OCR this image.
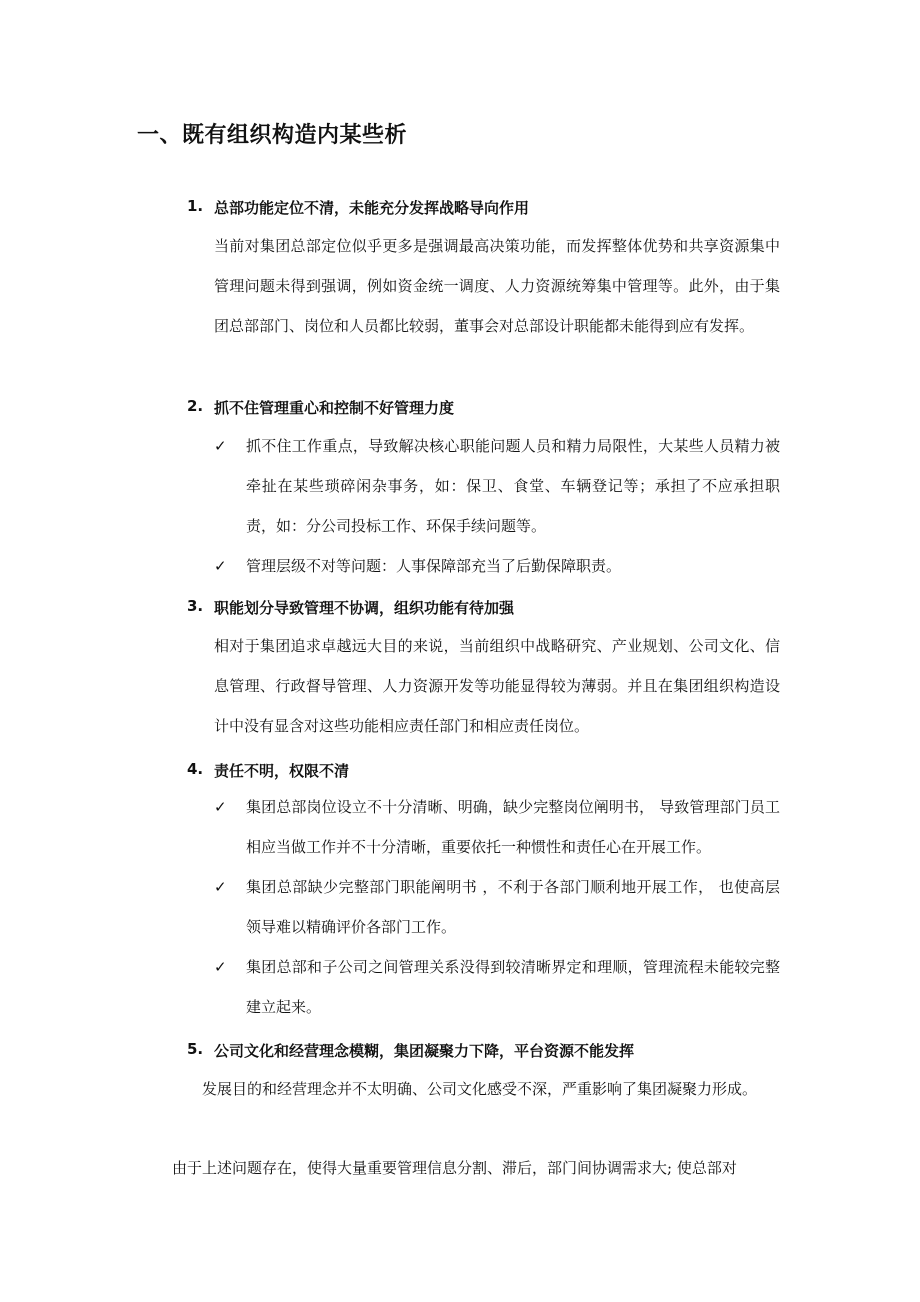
一、既有组织构造内某些析
1. 总部功能定位不清，未能充分发挥战略导向作用

当前对集团总部定位似乎更多是强调最高决策功能，而发挥整体优势和共享资源集中管理问题未得到强调，例如资金统一调度、人力资源统筹集中管理等。此外，由于集团总部部门、岗位和人员都比较弱，董事会对总部设计职能都未能得到应有发挥。

2. 抓不住管理重心和控制不好管理力度
✓ 抓不住工作重点，导致解决核心职能问题人员和精力局限性，大某些人员精力被牵扯在某些琐碎闲杂事务，如：保卫、食堂、车辆登记等；承担了不应承担职责，如：分公司投标工作、环保手续问题等。

✓ 管理层级不对等问题：人事保障部充当了后勤保障职责。

3. 职能划分导致管理不协调，组织功能有待加强

相对于集团追求卓越远大目的来说，当前组织中战略研究、产业规划、公司文化、信息管理、行政督导管理、人力资源开发等功能显得较为薄弱。并且在集团组织构造设计中没有显含对这些功能相应责任部门和相应责任岗位。

4. 责任不明，权限不清
✓ 集团总部岗位设立不十分清晰、明确，缺少完整岗位阐明书， 导致管理部门员工相应当做工作并不十分清晰，重要依托一种惯性和责任心在开展工作。

✓ 集团总部缺少完整部门职能阐明书 ，不利于各部门顺利地开展工作， 也使高层领导难以精确评价各部门工作。

✓ 集团总部和子公司之间管理关系没得到较清晰界定和理顺，管理流程未能较完整建立起来。

5. 公司文化和经营理念模糊，集团凝聚力下降，平台资源不能发挥

发展目的和经营理念并不太明确、公司文化感受不深，严重影响了集团凝聚力形成。

由于上述问题存在，使得大量重要管理信息分割、滞后，部门间协调需求大; 使总部对
